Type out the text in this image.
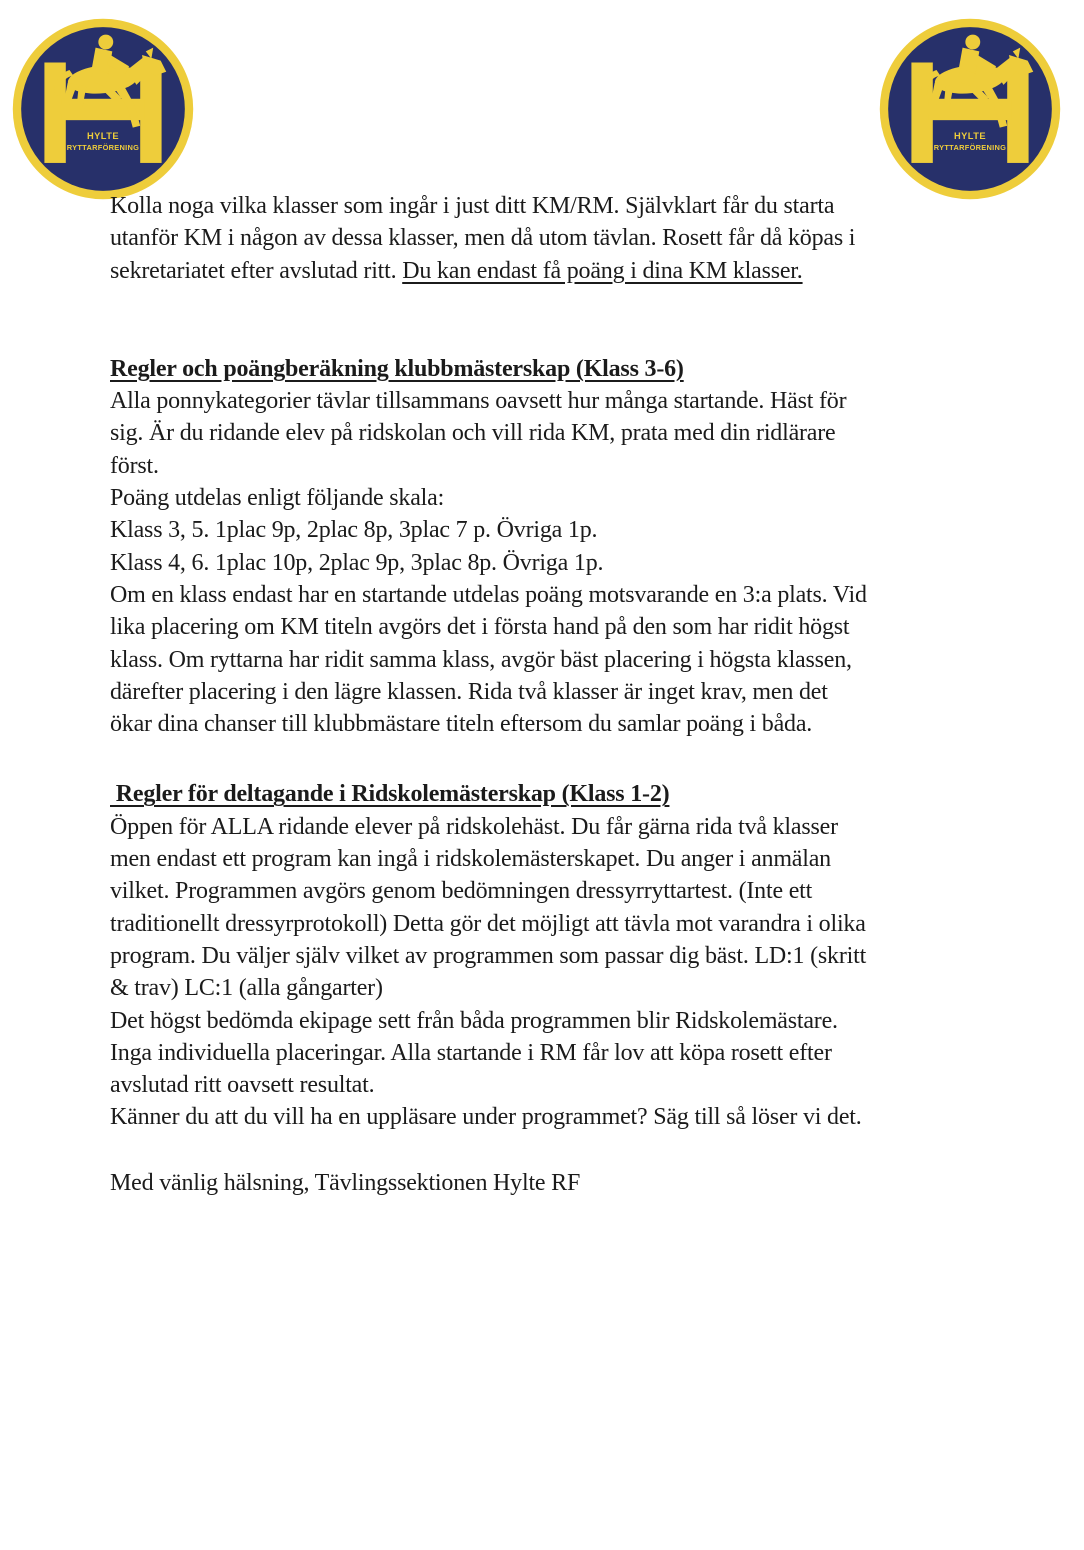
HYLTE
RYTTARFÖRENING
HYLTE
RYTTARFÖRENING
Kolla noga vilka klasser som ingår i just ditt KM/RM. Självklart får du starta
utanför KM i någon av dessa klasser, men då utom tävlan. Rosett får då köpas i
sekretariatet efter avslutad ritt. Du kan endast få poäng i dina KM klasser.
Regler och poängberäkning klubbmästerskap (Klass 3-6)
Alla ponnykategorier tävlar tillsammans oavsett hur många startande. Häst för
sig. Är du ridande elev på ridskolan och vill rida KM, prata med din ridlärare
först.
Poäng utdelas enligt följande skala:
Klass 3, 5. 1plac 9p, 2plac 8p, 3plac 7 p. Övriga 1p.
Klass 4, 6. 1plac 10p, 2plac 9p, 3plac 8p. Övriga 1p.
Om en klass endast har en startande utdelas poäng motsvarande en 3:a plats. Vid
lika placering om KM titeln avgörs det i första hand på den som har ridit högst
klass. Om ryttarna har ridit samma klass, avgör bäst placering i högsta klassen,
därefter placering i den lägre klassen. Rida två klasser är inget krav, men det
ökar dina chanser till klubbmästare titeln eftersom du samlar poäng i båda.
Regler för deltagande i Ridskolemästerskap (Klass 1-2)
Öppen för ALLA ridande elever på ridskolehäst. Du får gärna rida två klasser
men endast ett program kan ingå i ridskolemästerskapet. Du anger i anmälan
vilket. Programmen avgörs genom bedömningen dressyrryttartest. (Inte ett
traditionellt dressyrprotokoll) Detta gör det möjligt att tävla mot varandra i olika
program. Du väljer själv vilket av programmen som passar dig bäst. LD:1 (skritt
& trav) LC:1 (alla gångarter)
Det högst bedömda ekipage sett från båda programmen blir Ridskolemästare.
Inga individuella placeringar. Alla startande i RM får lov att köpa rosett efter
avslutad ritt oavsett resultat.
Känner du att du vill ha en uppläsare under programmet? Säg till så löser vi det.
Med vänlig hälsning, Tävlingssektionen Hylte RF
